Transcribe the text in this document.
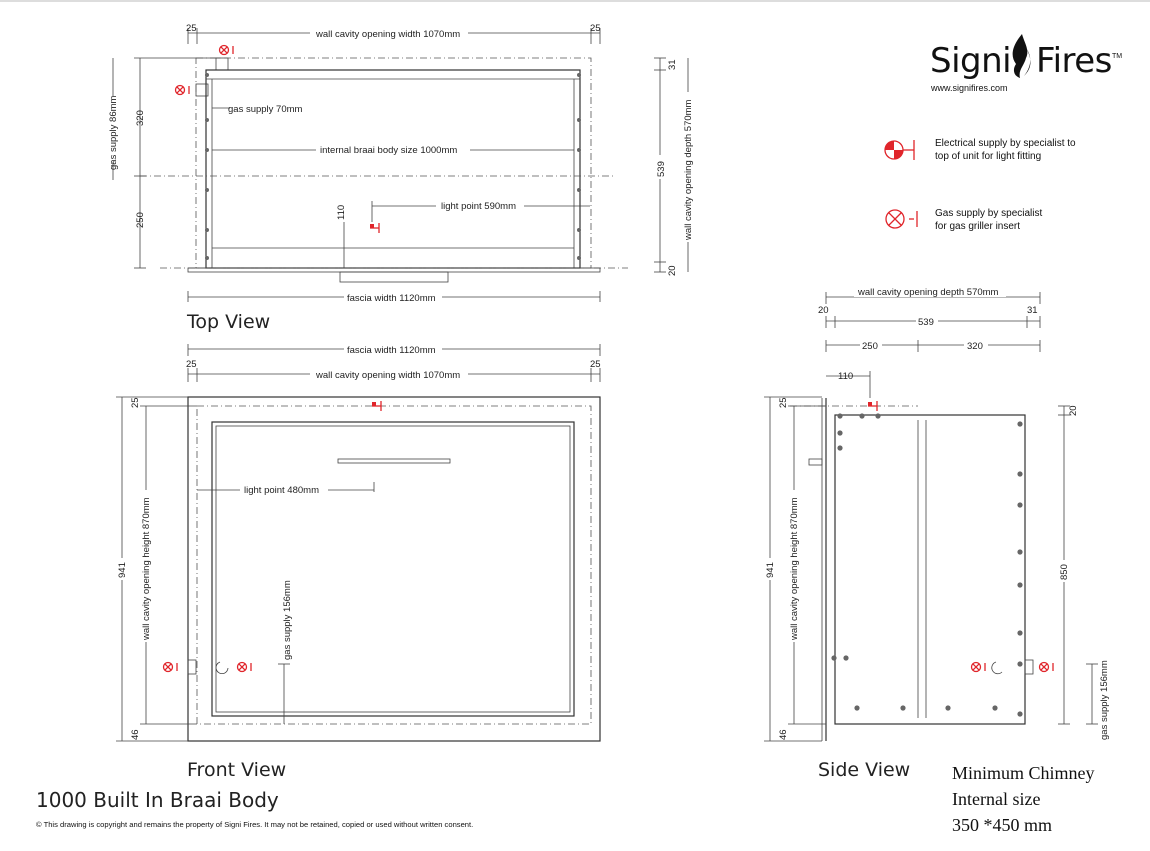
Signi Fires TM
www.signifires.com
Electrical supply by specialist to
top of unit for light fitting
Gas supply by specialist
for gas griller insert
25	25
wall cavity opening width 1070mm
internal braai body size 1000mm
gas supply 70mm
light point 590mm
110
320
250
gas supply 86mm
31
539
20
wall cavity opening depth 570mm
fascia width 1120mm
Top View
fascia width 1120mm
25	25
wall cavity opening width 1070mm
light point 480mm
gas supply 156mm
941
25
wall cavity opening height 870mm
46
Front View
wall cavity opening depth 570mm
20	31
539
250	320
110
941
25
wall cavity opening height 870mm
46
20
850
gas supply 156mm
Side View
1000 Built In Braai Body
© This drawing is copyright and remains the property of Signi Fires. It may not be retained, copied or used without written consent.
Minimum Chimney
Internal size
350 *450 mm
